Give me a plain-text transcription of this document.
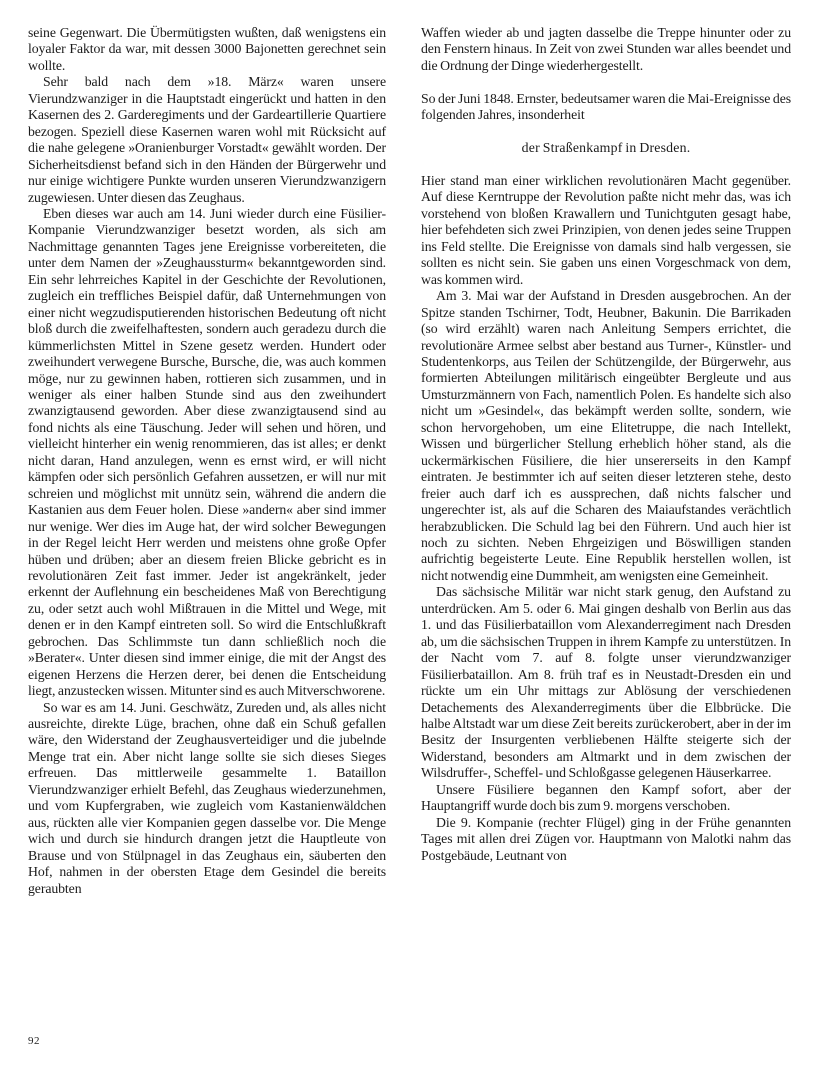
seine Gegenwart. Die Übermütigsten wußten, daß wenigstens ein loyaler Faktor da war, mit dessen 3000 Bajonetten gerechnet sein wollte.

Sehr bald nach dem »18. März« waren unsere Vierundzwanziger in die Hauptstadt eingerückt und hatten in den Kasernen des 2. Garderegiments und der Gardeartillerie Quartiere bezogen. Speziell diese Kasernen waren wohl mit Rücksicht auf die nahe gelegene »Oranienburger Vorstadt« gewählt worden. Der Sicherheitsdienst befand sich in den Händen der Bürgerwehr und nur einige wichtigere Punkte wurden unseren Vierundzwanzigern zugewiesen. Unter diesen das Zeughaus.

Eben dieses war auch am 14. Juni wieder durch eine Füsilier-Kompanie Vierundzwanziger besetzt worden, als sich am Nachmittage genannten Tages jene Ereignisse vorbereiteten, die unter dem Namen der »Zeughaussturm« bekanntgeworden sind. Ein sehr lehrreiches Kapitel in der Geschichte der Revolutionen, zugleich ein treffliches Beispiel dafür, daß Unternehmungen von einer nicht wegzudisputierenden historischen Bedeutung oft nicht bloß durch die zweifelhaftesten, sondern auch geradezu durch die kümmerlichsten Mittel in Szene gesetz werden. Hundert oder zweihundert verwegene Bursche, Bursche, die, was auch kommen möge, nur zu gewinnen haben, rottieren sich zusammen, und in weniger als einer halben Stunde sind aus den zweihundert zwanzigtausend geworden. Aber diese zwanzigtausend sind au fond nichts als eine Täuschung. Jeder will sehen und hören, und vielleicht hinterher ein wenig renommieren, das ist alles; er denkt nicht daran, Hand anzulegen, wenn es ernst wird, er will nicht kämpfen oder sich persönlich Gefahren aussetzen, er will nur mit schreien und möglichst mit unnütz sein, während die andern die Kastanien aus dem Feuer holen. Diese »andern« aber sind immer nur wenige. Wer dies im Auge hat, der wird solcher Bewegungen in der Regel leicht Herr werden und meistens ohne große Opfer hüben und drüben; aber an diesem freien Blicke gebricht es in revolutionären Zeit fast immer. Jeder ist angekränkelt, jeder erkennt der Auflehnung ein bescheidenes Maß von Berechtigung zu, oder setzt auch wohl Mißtrauen in die Mittel und Wege, mit denen er in den Kampf eintreten soll. So wird die Entschlußkraft gebrochen. Das Schlimmste tun dann schließlich noch die »Berater«. Unter diesen sind immer einige, die mit der Angst des eigenen Herzens die Herzen derer, bei denen die Entscheidung liegt, anzustecken wissen. Mitunter sind es auch Mitverschworene.

So war es am 14. Juni. Geschwätz, Zureden und, als alles nicht ausreichte, direkte Lüge, brachen, ohne daß ein Schuß gefallen wäre, den Widerstand der Zeughausverteidiger und die jubelnde Menge trat ein. Aber nicht lange sollte sie sich dieses Sieges erfreuen. Das mittlerweile gesammelte 1. Bataillon Vierundzwanziger erhielt Befehl, das Zeughaus wiederzunehmen, und vom Kupfergraben, wie zugleich vom Kastanienwäldchen aus, rückten alle vier Kompanien gegen dasselbe vor. Die Menge wich und durch sie hindurch drangen jetzt die Hauptleute von Brause und von Stülpnagel in das Zeughaus ein, säuberten den Hof, nahmen in der obersten Etage dem Gesindel die bereits geraubten

Waffen wieder ab und jagten dasselbe die Treppe hinunter oder zu den Fenstern hinaus. In Zeit von zwei Stunden war alles beendet und die Ordnung der Dinge wiederhergestellt.

So der Juni 1848. Ernster, bedeutsamer waren die Mai-Ereignisse des folgenden Jahres, insonderheit

der Straßenkampf in Dresden.

Hier stand man einer wirklichen revolutionären Macht gegenüber. Auf diese Kerntruppe der Revolution paßte nicht mehr das, was ich vorstehend von bloßen Krawallern und Tunichtguten gesagt habe, hier befehdeten sich zwei Prinzipien, von denen jedes seine Truppen ins Feld stellte. Die Ereignisse von damals sind halb vergessen, sie sollten es nicht sein. Sie gaben uns einen Vorgeschmack von dem, was kommen wird.

Am 3. Mai war der Aufstand in Dresden ausgebrochen. An der Spitze standen Tschirner, Todt, Heubner, Bakunin. Die Barrikaden (so wird erzählt) waren nach Anleitung Sempers errichtet, die revolutionäre Armee selbst aber bestand aus Turner-, Künstler- und Studentenkorps, aus Teilen der Schützengilde, der Bürgerwehr, aus formierten Abteilungen militärisch eingeübter Bergleute und aus Umsturzmännern von Fach, namentlich Polen. Es handelte sich also nicht um »Gesindel«, das bekämpft werden sollte, sondern, wie schon hervorgehoben, um eine Elitetruppe, die nach Intellekt, Wissen und bürgerlicher Stellung erheblich höher stand, als die uckermärkischen Füsiliere, die hier unsererseits in den Kampf eintraten. Je bestimmter ich auf seiten dieser letzteren stehe, desto freier auch darf ich es aussprechen, daß nichts falscher und ungerechter ist, als auf die Scharen des Maiaufstandes verächtlich herabzublicken. Die Schuld lag bei den Führern. Und auch hier ist noch zu sichten. Neben Ehrgeizigen und Böswilligen standen aufrichtig begeisterte Leute. Eine Republik herstellen wollen, ist nicht notwendig eine Dummheit, am wenigsten eine Gemeinheit.

Das sächsische Militär war nicht stark genug, den Aufstand zu unterdrücken. Am 5. oder 6. Mai gingen deshalb von Berlin aus das 1. und das Füsilierbataillon vom Alexanderregiment nach Dresden ab, um die sächsischen Truppen in ihrem Kampfe zu unterstützen. In der Nacht vom 7. auf 8. folgte unser vierundzwanziger Füsilierbataillon. Am 8. früh traf es in Neustadt-Dresden ein und rückte um ein Uhr mittags zur Ablösung der verschiedenen Detachements des Alexanderregiments über die Elbbrücke. Die halbe Altstadt war um diese Zeit bereits zurückerobert, aber in der im Besitz der Insurgenten verbliebenen Hälfte steigerte sich der Widerstand, besonders am Altmarkt und in dem zwischen der Wilsdruffer-, Scheffel- und Schloßgasse gelegenen Häuserkarree.

Unsere Füsiliere begannen den Kampf sofort, aber der Hauptangriff wurde doch bis zum 9. morgens verschoben.

Die 9. Kompanie (rechter Flügel) ging in der Frühe genannten Tages mit allen drei Zügen vor. Hauptmann von Malotki nahm das Postgebäude, Leutnant von

92
